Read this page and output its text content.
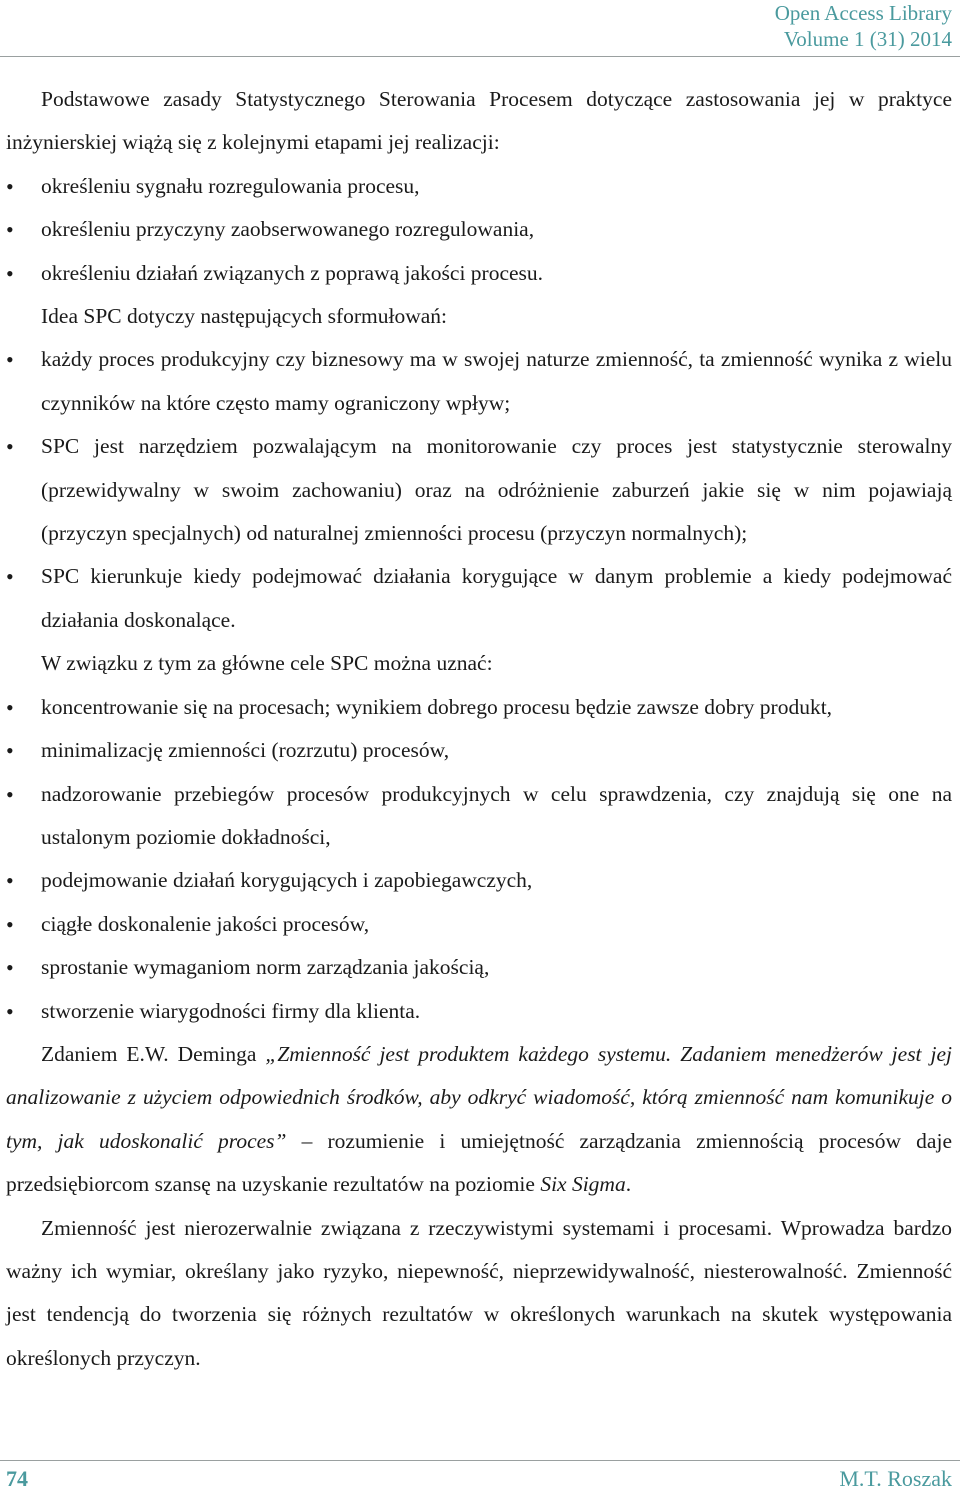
Open Access Library
Volume 1 (31) 2014

Podstawowe zasady Statystycznego Sterowania Procesem dotyczące zastosowania jej w praktyce inżynierskiej wiążą się z kolejnymi etapami jej realizacji:

• określeniu sygnału rozregulowania procesu,
• określeniu przyczyny zaobserwowanego rozregulowania,
• określeniu działań związanych z poprawą jakości procesu.

Idea SPC dotyczy następujących sformułowań:

• każdy proces produkcyjny czy biznesowy ma w swojej naturze zmienność, ta zmienność wynika z wielu czynników na które często mamy ograniczony wpływ;
• SPC jest narzędziem pozwalającym na monitorowanie czy proces jest statystycznie sterowalny (przewidywalny w swoim zachowaniu) oraz na odróżnienie zaburzeń jakie się w nim pojawiają (przyczyn specjalnych) od naturalnej zmienności procesu (przyczyn normalnych);
• SPC kierunkuje kiedy podejmować działania korygujące w danym problemie a kiedy podejmować działania doskonalące.

W związku z tym za główne cele SPC można uznać:

• koncentrowanie się na procesach; wynikiem dobrego procesu będzie zawsze dobry produkt,
• minimalizację zmienności (rozrzutu) procesów,
• nadzorowanie przebiegów procesów produkcyjnych w celu sprawdzenia, czy znajdują się one na ustalonym poziomie dokładności,
• podejmowanie działań korygujących i zapobiegawczych,
• ciągłe doskonalenie jakości procesów,
• sprostanie wymaganiom norm zarządzania jakością,
• stworzenie wiarygodności firmy dla klienta.

Zdaniem E.W. Deminga „Zmienność jest produktem każdego systemu. Zadaniem menedżerów jest jej analizowanie z użyciem odpowiednich środków, aby odkryć wiadomość, którą zmienność nam komunikuje o tym, jak udoskonalić proces” – rozumienie i umiejętność zarządzania zmiennością procesów daje przedsiębiorcom szansę na uzyskanie rezultatów na poziomie Six Sigma.

Zmienność jest nierozerwalnie związana z rzeczywistymi systemami i procesami. Wprowadza bardzo ważny ich wymiar, określany jako ryzyko, niepewność, nieprzewidywalność, niesterowalność. Zmienność jest tendencją do tworzenia się różnych rezultatów w określonych warunkach na skutek występowania określonych przyczyn.

74	M.T. Roszak
